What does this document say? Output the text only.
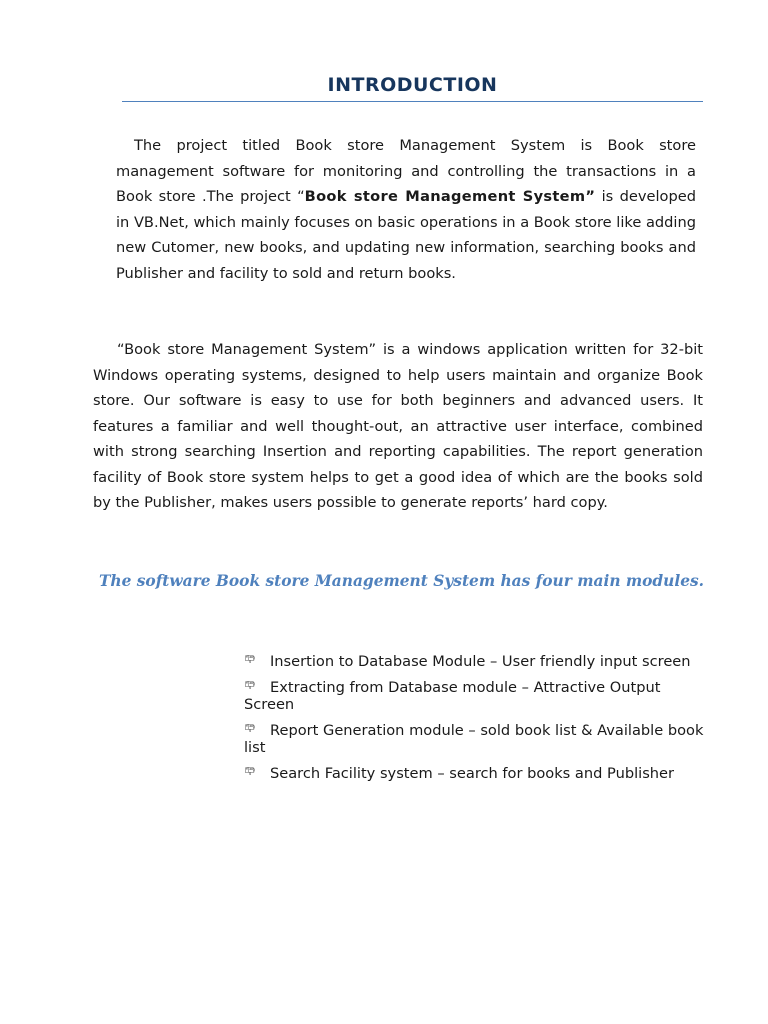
INTRODUCTION

The project titled Book store Management System is Book store management software for monitoring and controlling the transactions in a Book store .The project “Book store Management System” is developed in VB.Net, which mainly focuses on basic operations in a Book store like adding new Cutomer, new books, and updating new information, searching books and Publisher and facility to sold and return books.

“Book store Management System” is a windows application written for 32-bit Windows operating systems, designed to help users maintain and organize Book store. Our software is easy to use for both beginners and advanced users. It features a familiar and well thought-out, an attractive user interface, combined with strong searching Insertion and reporting capabilities. The report generation facility of Book store system helps to get a good idea of which are the books sold by the Publisher, makes users possible to generate reports’ hard copy.

The software Book store Management System has four main modules.
📪︎ Insertion to Database Module – User friendly input screen
📪︎ Extracting from Database module – Attractive Output Screen
📪︎ Report Generation module – sold book list & Available book list
📪︎ Search Facility system – search for books and Publisher
